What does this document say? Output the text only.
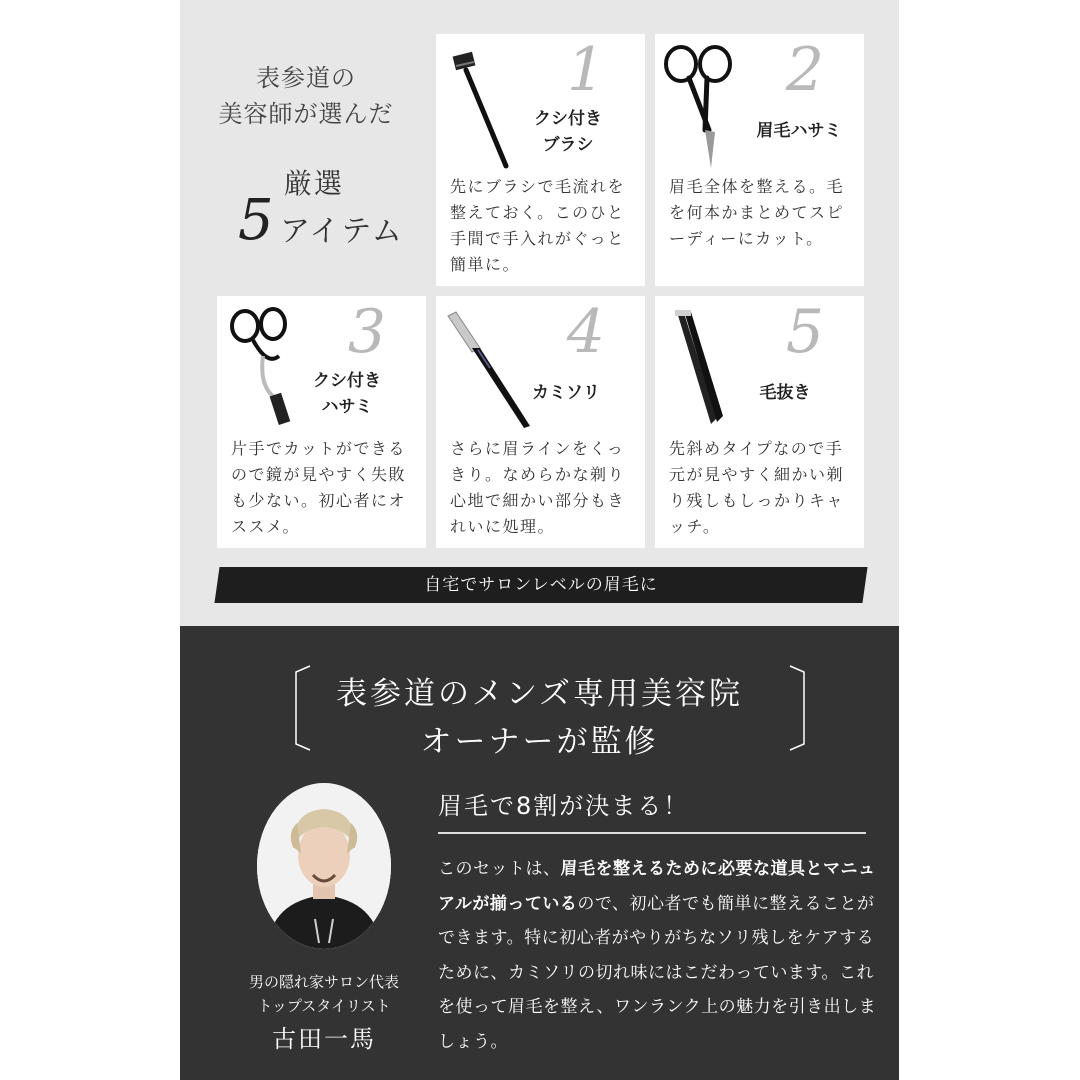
表参道の
美容師が選んだ
厳選
5 アイテム
1
クシ付き
ブラシ
先にブラシで毛流れを整えておく。このひと手間で手入れがぐっと簡単に。
2
眉毛ハサミ
眉毛全体を整える。毛を何本かまとめてスピーディーにカット。
3
クシ付き
ハサミ
片手でカットができるので鏡が見やすく失敗も少ない。初心者にオススメ。
4
カミソリ
さらに眉ラインをくっきり。なめらかな剃り心地で細かい部分もきれいに処理。
5
毛抜き
先斜めタイプなので手元が見やすく細かい剃り残しもしっかりキャッチ。
自宅でサロンレベルの眉毛に
表参道のメンズ専用美容院
オーナーが監修
男の隠れ家サロン代表
トップスタイリスト
古田一馬
眉毛で8割が決まる！
このセットは、眉毛を整えるために必要な道具とマニュアルが揃っているので、初心者でも簡単に整えることができます。特に初心者がやりがちなソリ残しをケアするために、カミソリの切れ味にはこだわっています。これを使って眉毛を整え、ワンランク上の魅力を引き出しましょう。
